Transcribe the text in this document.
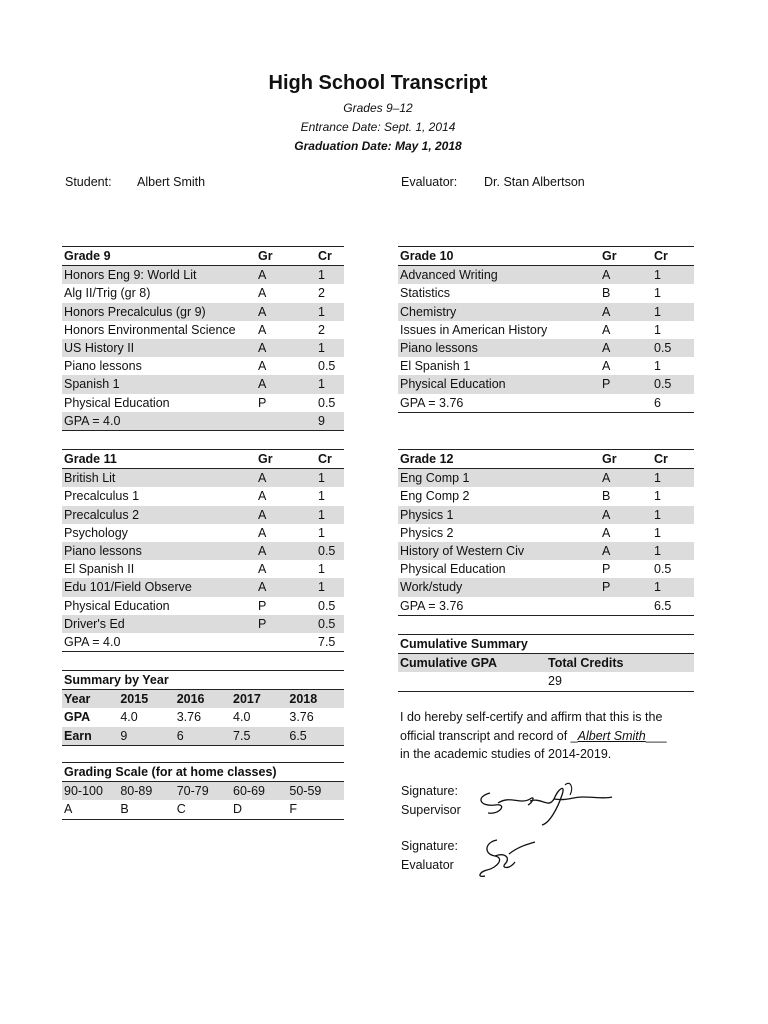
High School Transcript
Grades 9–12
Entrance Date: Sept. 1, 2014
Graduation Date: May 1, 2018
Student: Albert Smith	Evaluator: Dr. Stan Albertson
Grade 9	Gr	Cr
Honors Eng 9: World Lit	A	1
Alg II/Trig (gr 8)	A	2
Honors Precalculus (gr 9)	A	1
Honors Environmental Science	A	2
US History II	A	1
Piano lessons	A	0.5
Spanish 1	A	1
Physical Education	P	0.5
GPA = 4.0		9
Grade 10	Gr	Cr
Advanced Writing	A	1
Statistics	B	1
Chemistry	A	1
Issues in American History	A	1
Piano lessons	A	0.5
El Spanish 1	A	1
Physical Education	P	0.5
GPA = 3.76		6
Grade 11	Gr	Cr
British Lit	A	1
Precalculus 1	A	1
Precalculus 2	A	1
Psychology	A	1
Piano lessons	A	0.5
El Spanish II	A	1
Edu 101/Field Observe	A	1
Physical Education	P	0.5
Driver's Ed	P	0.5
GPA = 4.0		7.5
Grade 12	Gr	Cr
Eng Comp 1	A	1
Eng Comp 2	B	1
Physics 1	A	1
Physics 2	A	1
History of Western Civ	A	1
Physical Education	P	0.5
Work/study	P	1
GPA = 3.76		6.5
Summary by Year				
Year	2015	2016	2017	2018
GPA	4.0	3.76	4.0	3.76
Earn	9	6	7.5	6.5
Grading Scale (for at home classes)				
90-100	80-89	70-79	60-69	50-59
A	B	C	D	F
Cumulative Summary	
Cumulative GPA	Total Credits
	29
I do hereby self-certify and affirm that this is the
official transcript and record of _Albert Smith___
in the academic studies of 2014-2019.
Signature:
Supervisor
Signature:
Evaluator
